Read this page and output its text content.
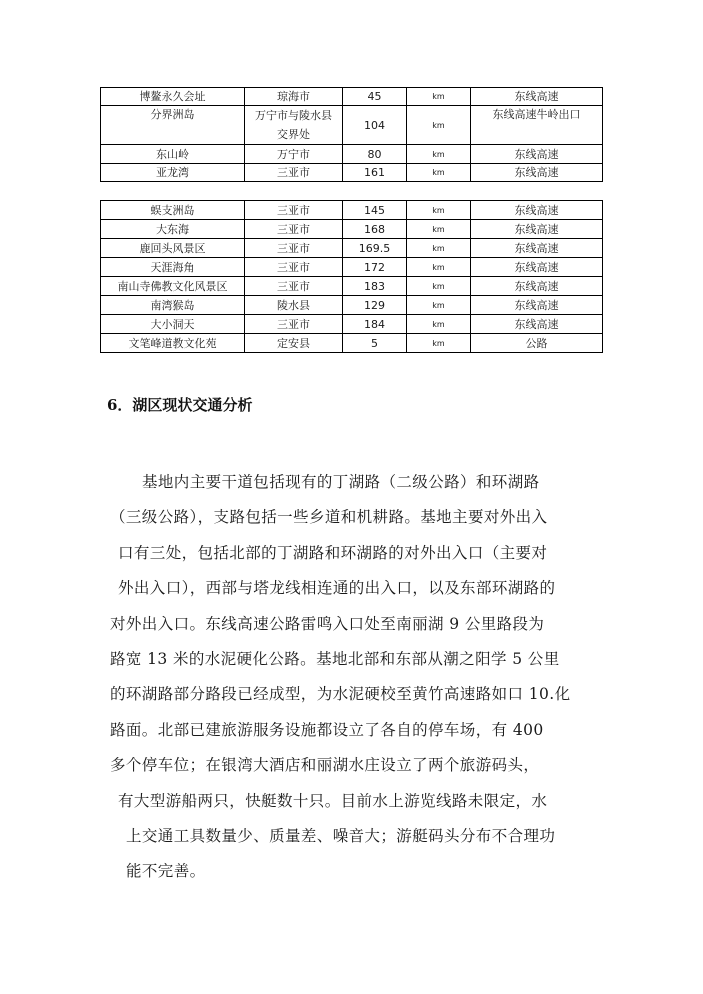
博鳌永久会址	琼海市	45	km	东线高速
分界洲岛	万宁市与陵水县交界处	104	km	东线高速牛岭出口
东山岭	万宁市	80	km	东线高速
亚龙湾	三亚市	161	km	东线高速
蜈支洲岛	三亚市	145	km	东线高速
大东海	三亚市	168	km	东线高速
鹿回头风景区	三亚市	169.5	km	东线高速
天涯海角	三亚市	172	km	东线高速
南山寺佛教文化风景区	三亚市	183	km	东线高速
南湾猴岛	陵水县	129	km	东线高速
大小洞天	三亚市	184	km	东线高速
文笔峰道教文化苑	定安县	5	km	公路
6．湖区现状交通分析
基地内主要干道包括现有的丁湖路（二级公路）和环湖路
（三级公路），支路包括一些乡道和机耕路。基地主要对外出入
口有三处，包括北部的丁湖路和环湖路的对外出入口（主要对
外出入口），西部与塔龙线相连通的出入口，以及东部环湖路的
对外出入口。东线高速公路雷鸣入口处至南丽湖 9 公里路段为
路宽 13 米的水泥硬化公路。基地北部和东部从潮之阳学 5 公里
的环湖路部分路段已经成型，为水泥硬校至黄竹高速路如口 10.化
路面。北部已建旅游服务设施都设立了各自的停车场，有 400
多个停车位；在银湾大酒店和丽湖水庄设立了两个旅游码头，
有大型游船两只，快艇数十只。目前水上游览线路未限定，水
上交通工具数量少、质量差、噪音大；游艇码头分布不合理功
能不完善。
